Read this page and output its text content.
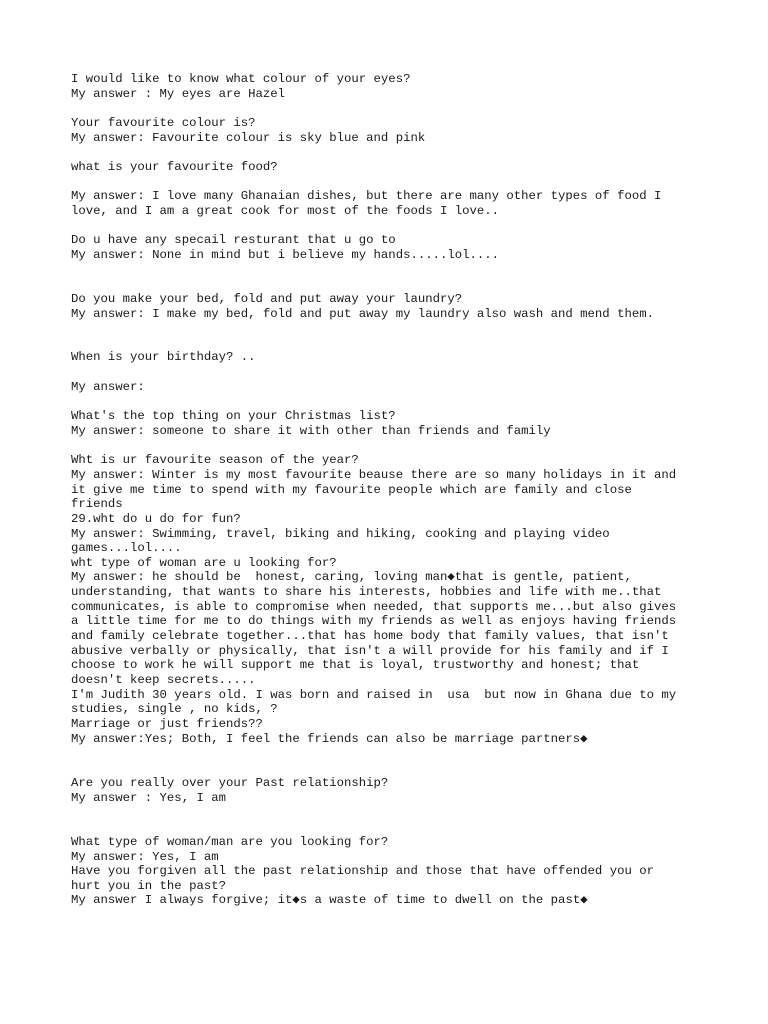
I would like to know what colour of your eyes?

My answer : My eyes are Hazel

Your favourite colour is?

My answer: Favourite colour is sky blue and pink

what is your favourite food?

My answer: I love many Ghanaian dishes, but there are many other types of food I

love, and I am a great cook for most of the foods I love..

Do u have any specail resturant that u go to

My answer: None in mind but i believe my hands.....lol....

Do you make your bed, fold and put away your laundry?

My answer: I make my bed, fold and put away my laundry also wash and mend them.

When is your birthday? ..

My answer:

What's the top thing on your Christmas list?

My answer: someone to share it with other than friends and family

Wht is ur favourite season of the year?

My answer: Winter is my most favourite beause there are so many holidays in it and

it give me time to spend with my favourite people which are family and close

friends

29.wht do u do for fun?

My answer: Swimming, travel, biking and hiking, cooking and playing video

games...lol....

wht type of woman are u looking for?

My answer: he should be  honest, caring, loving man◆that is gentle, patient,

understanding, that wants to share his interests, hobbies and life with me..that

communicates, is able to compromise when needed, that supports me...but also gives

a little time for me to do things with my friends as well as enjoys having friends

and family celebrate together...that has home body that family values, that isn't

abusive verbally or physically, that isn't a will provide for his family and if I

choose to work he will support me that is loyal, trustworthy and honest; that

doesn't keep secrets.....

I'm Judith 30 years old. I was born and raised in  usa  but now in Ghana due to my

studies, single , no kids, ?

Marriage or just friends??

My answer:Yes; Both, I feel the friends can also be marriage partners◆

Are you really over your Past relationship?

My answer : Yes, I am

What type of woman/man are you looking for?

My answer: Yes, I am

Have you forgiven all the past relationship and those that have offended you or

hurt you in the past?

My answer I always forgive; it◆s a waste of time to dwell on the past◆
